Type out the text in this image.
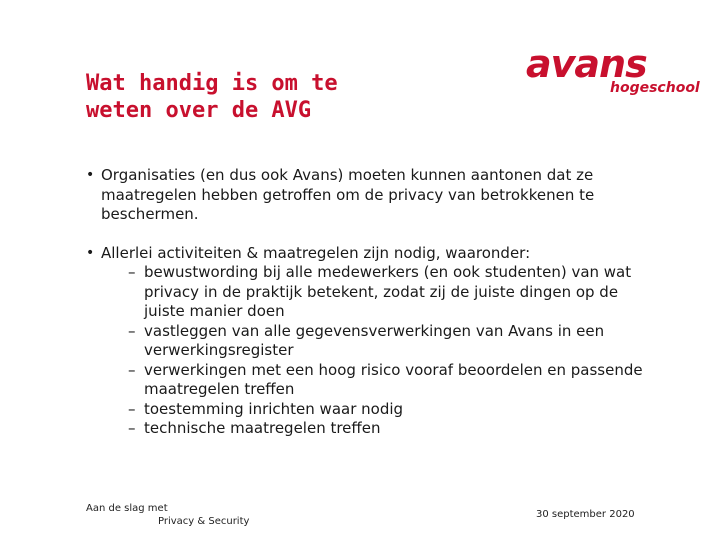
Wat handig is om te
weten over de AVG
avans
hogeschool
• Organisaties (en dus ook Avans) moeten kunnen aantonen dat ze maatregelen hebben getroffen om de privacy van betrokkenen te beschermen.
• Allerlei activiteiten & maatregelen zijn nodig, waaronder:
– bewustwording bij alle medewerkers (en ook studenten) van wat privacy in de praktijk betekent, zodat zij de juiste dingen op de juiste manier doen
– vastleggen van alle gegevensverwerkingen van Avans in een verwerkingsregister
– verwerkingen met een hoog risico vooraf beoordelen en passende maatregelen treffen
– toestemming inrichten waar nodig
– technische maatregelen treffen
Aan de slag met
Privacy & Security
30 september 2020
